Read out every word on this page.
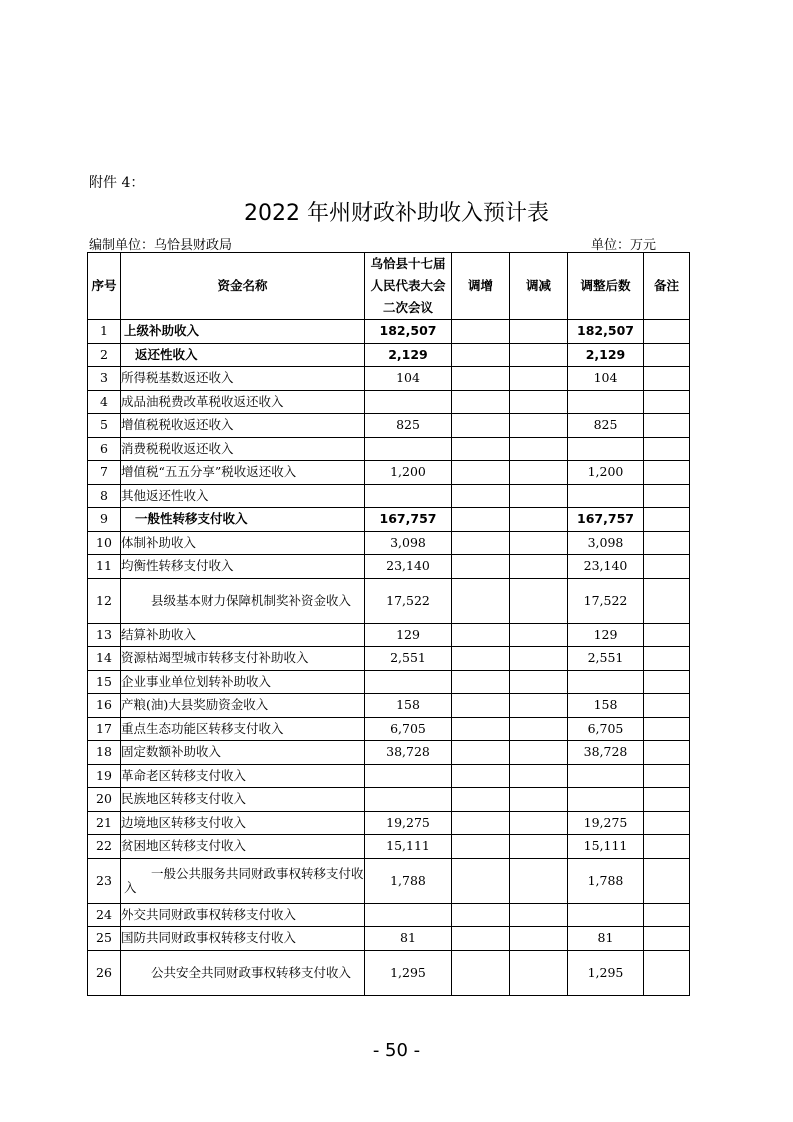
附件 4：
2022 年州财政补助收入预计表
编制单位：乌恰县财政局	单位：万元
序号	资金名称	乌恰县十七届人民代表大会二次会议	调增	调减	调整后数	备注
1	上级补助收入	182,507			182,507	
2	返还性收入	2,129			2,129	
3	所得税基数返还收入	104			104	
4	成品油税费改革税收返还收入					
5	增值税税收返还收入	825			825	
6	消费税税收返还收入					
7	增值税“五五分享”税收返还收入	1,200			1,200	
8	其他返还性收入					
9	一般性转移支付收入	167,757			167,757	
10	体制补助收入	3,098			3,098	
11	均衡性转移支付收入	23,140			23,140	
12	县级基本财力保障机制奖补资金收入	17,522			17,522	
13	结算补助收入	129			129	
14	资源枯竭型城市转移支付补助收入	2,551			2,551	
15	企业事业单位划转补助收入					
16	产粮(油)大县奖励资金收入	158			158	
17	重点生态功能区转移支付收入	6,705			6,705	
18	固定数额补助收入	38,728			38,728	
19	革命老区转移支付收入					
20	民族地区转移支付收入					
21	边境地区转移支付收入	19,275			19,275	
22	贫困地区转移支付收入	15,111			15,111	
23	一般公共服务共同财政事权转移支付收入	1,788			1,788	
24	外交共同财政事权转移支付收入					
25	国防共同财政事权转移支付收入	81			81	
26	公共安全共同财政事权转移支付收入	1,295			1,295	
- 50 -
